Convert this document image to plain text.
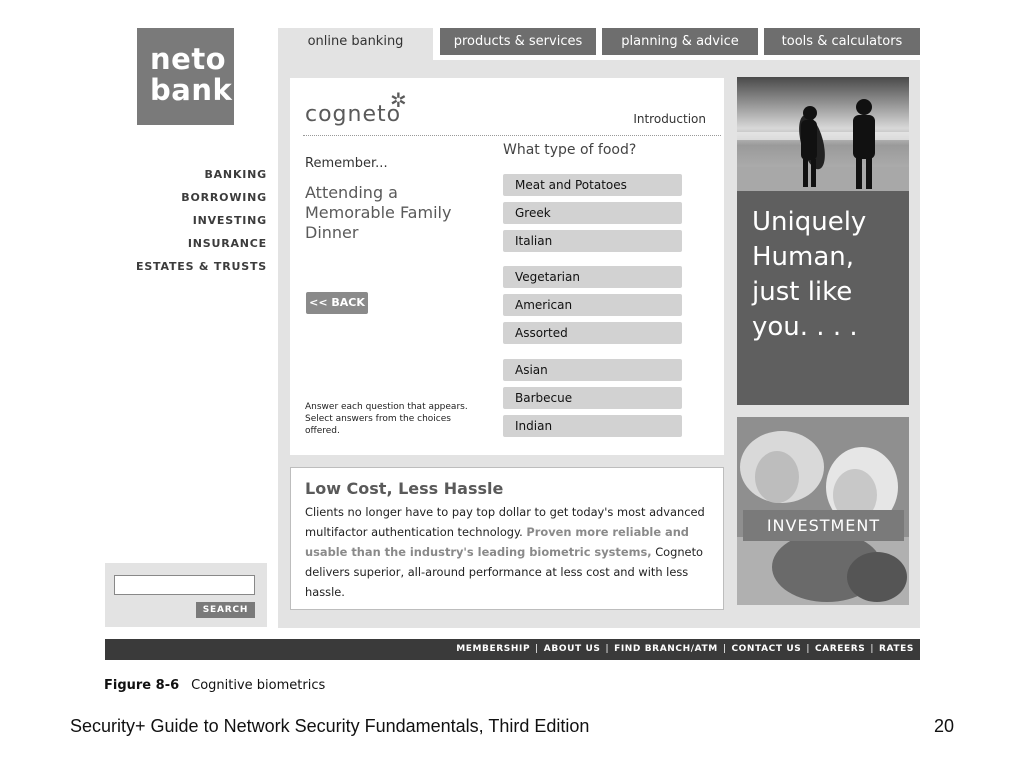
neto
bank
online banking	products & services	planning & advice	tools & calculators
BANKING
BORROWING
INVESTING
INSURANCE
ESTATES & TRUSTS
cogneto
✲
Introduction
Remember...
Attending a Memorable Family Dinner
<< BACK
Answer each question that appears. Select answers from the choices offered.
What type of food?
Meat and Potatoes
Greek
Italian
Vegetarian
American
Assorted
Asian
Barbecue
Indian
Low Cost, Less Hassle
Clients no longer have to pay top dollar to get today's most advanced multifactor authentication technology. Proven more reliable and usable than the industry's leading biometric systems, Cogneto delivers superior, all-around performance at less cost and with less hassle.
Uniquely Human, just like you. . . .
INVESTMENT
SEARCH
MEMBERSHIP | ABOUT US | FIND BRANCH/ATM | CONTACT US | CAREERS | RATES
Figure 8-6 Cognitive biometrics
Security+ Guide to Network Security Fundamentals, Third Edition	20
